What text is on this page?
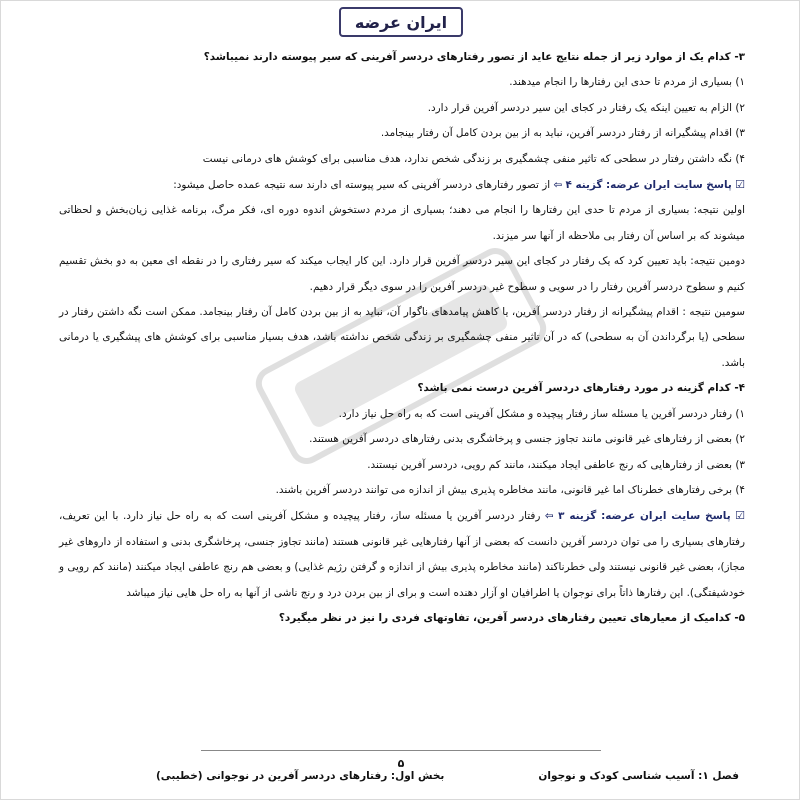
ایران عرضه

۳- کدام یک از موارد زیر از جمله نتایج عاید از تصور رفتارهای دردسر آفرینی که سیر پیوسته دارند نمیباشد؟

۱) بسیاری از مردم تا حدی این رفتارها را انجام میدهند.

۲) الزام به تعیین اینکه یک رفتار در کجای این سیر دردسر آفرین قرار دارد.

۳) اقدام پیشگیرانه از رفتار دردسر آفرین، نباید به از بین بردن کامل آن رفتار بینجامد.

۴) نگه داشتن رفتار در سطحی که تاثیر منفی چشمگیری بر زندگی شخص ندارد، هدف مناسبی برای کوشش های درمانی نیست

☑ پاسخ سایت ایران عرضه: گزینه ۴ ⇦ از تصور رفتارهای دردسر آفرینی که سیر پیوسته ای دارند سه نتیجه عمده حاصل میشود:

اولین نتیجه: بسیاری از مردم تا حدی این رفتارها را انجام می دهند؛ بسیاری از مردم دستخوش اندوه دوره ای، فکر مرگ، برنامه غذایی زیان‌بخش و لحظاتی میشوند که بر اساس آن رفتار بی ملاحظه از آنها سر میزند.

دومین نتیجه: باید تعیین کرد که یک رفتار در کجای این سیر دردسر آفرین قرار دارد. این کار ایجاب میکند که سیر رفتاری را در نقطه ای معین به دو بخش تقسیم کنیم و سطوح دردسر آفرین رفتار را در سویی و سطوح غیر دردسر آفرین را در سوی دیگر قرار دهیم.

سومین نتیجه : اقدام پیشگیرانه از رفتار دردسر آفرین، یا کاهش پیامدهای ناگوار آن، نباید به از بین بردن کامل آن رفتار بینجامد. ممکن است نگه داشتن رفتار در سطحی (یا برگرداندن آن به سطحی) که در آن تاثیر منفی چشمگیری بر زندگی شخص نداشته باشد، هدف بسیار مناسبی برای کوشش های پیشگیری یا درمانی باشد.

۴- کدام گزینه در مورد رفتارهای دردسر آفرین درست نمی باشد؟

۱) رفتار دردسر آفرین یا مسئله ساز رفتار پیچیده و مشکل آفرینی است که به راه حل نیاز دارد.

۲) بعضی از رفتارهای غیر قانونی مانند تجاوز جنسی و پرخاشگری بدنی رفتارهای دردسر آفرین هستند.

۳) بعضی از رفتارهایی که رنج عاطفی ایجاد میکنند، مانند کم رویی، دردسر آفرین نیستند.

۴) برخی رفتارهای خطرناک اما غیر قانونی، مانند مخاطره پذیری بیش از اندازه می توانند دردسر آفرین باشند.

☑ پاسخ سایت ایران عرضه: گزینه ۳ ⇦ رفتار دردسر آفرین یا مسئله ساز، رفتار پیچیده و مشکل آفرینی است که به راه حل نیاز دارد. با این تعریف، رفتارهای بسیاری را می توان دردسر آفرین دانست که بعضی از آنها رفتارهایی غیر قانونی هستند (مانند تجاوز جنسی، پرخاشگری بدنی و استفاده از داروهای غیر مجاز)، بعضی غیر قانونی نیستند ولی خطرناکند (مانند مخاطره پذیری بیش از اندازه و گرفتن رژیم غذایی) و بعضی هم رنج عاطفی ایجاد میکنند (مانند کم رویی و خودشیفتگی). این رفتارها ذاتاً برای نوجوان یا اطرافیان او آزار دهنده است و برای از بین بردن درد و رنج ناشی از آنها به راه حل هایی نیاز میباشد

۵- کدامیک از معیارهای تعیین رفتارهای دردسر آفرین، تفاوتهای فردی را نیز در نظر میگیرد؟

۵
فصل ۱: آسیب شناسی کودک و نوجوان
بخش اول: رفتارهای دردسر آفرین در نوجوانی (خطیبی)
